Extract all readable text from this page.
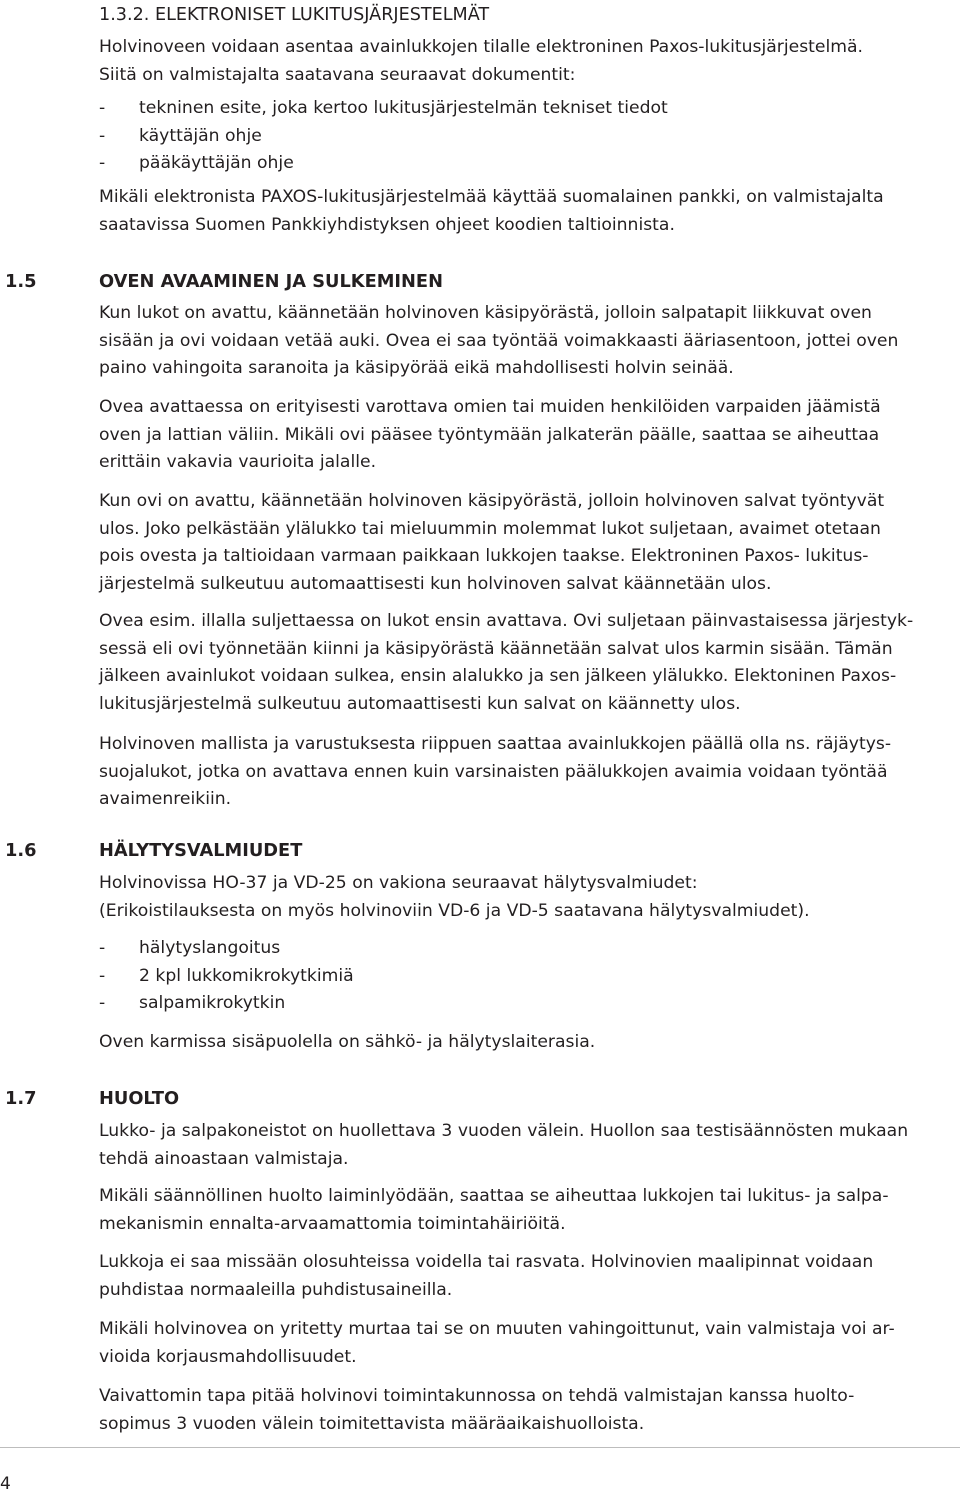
1.3.2. ELEKTRONISET LUKITUSJÄRJESTELMÄT

Holvinoveen voidaan asentaa avainlukkojen tilalle elektroninen Paxos-lukitusjärjestelmä.
Siitä on valmistajalta saatavana seuraavat dokumentit:

- tekninen esite, joka kertoo lukitusjärjestelmän tekniset tiedot
- käyttäjän ohje
- pääkäyttäjän ohje

Mikäli elektronista PAXOS-lukitusjärjestelmää käyttää suomalainen pankki, on valmistajalta
saatavissa Suomen Pankkiyhdistyksen ohjeet koodien taltioinnista.

1.5	OVEN AVAAMINEN JA SULKEMINEN

Kun lukot on avattu, käännetään holvinoven käsipyörästä, jolloin salpatapit liikkuvat oven
sisään ja ovi voidaan vetää auki. Ovea ei saa työntää voimakkaasti ääriasentoon, jottei oven
paino vahingoita saranoita ja käsipyörää eikä mahdollisesti holvin seinää.

Ovea avattaessa on erityisesti varottava omien tai muiden henkilöiden varpaiden jäämistä
oven ja lattian väliin. Mikäli ovi pääsee työntymään jalkaterän päälle, saattaa se aiheuttaa
erittäin vakavia vaurioita jalalle.

Kun ovi on avattu, käännetään holvinoven käsipyörästä, jolloin holvinoven salvat työntyvät
ulos. Joko pelkästään ylälukko tai mieluummin molemmat lukot suljetaan, avaimet otetaan
pois ovesta ja taltioidaan varmaan paikkaan lukkojen taakse. Elektroninen Paxos- lukitus-
järjestelmä sulkeutuu automaattisesti kun holvinoven salvat käännetään ulos.

Ovea esim. illalla suljettaessa on lukot ensin avattava. Ovi suljetaan päinvastaisessa järjestyk-
sessä eli ovi työnnetään kiinni ja käsipyörästä käännetään salvat ulos karmin sisään. Tämän
jälkeen avainlukot voidaan sulkea, ensin alalukko ja sen jälkeen ylälukko. Elektoninen Paxos-
lukitusjärjestelmä sulkeutuu automaattisesti kun salvat on käännetty ulos.

Holvinoven mallista ja varustuksesta riippuen saattaa avainlukkojen päällä olla ns. räjäytys-
suojalukot, jotka on avattava ennen kuin varsinaisten päälukkojen avaimia voidaan työntää
avaimenreikiin.

1.6	HÄLYTYSVALMIUDET

Holvinovissa HO-37 ja VD-25 on vakiona seuraavat hälytysvalmiudet:
(Erikoistilauksesta on myös holvinoviin VD-6 ja VD-5 saatavana hälytysvalmiudet).

- hälytyslangoitus
- 2 kpl lukkomikrokytkimiä
- salpamikrokytkin

Oven karmissa sisäpuolella on sähkö- ja hälytyslaiterasia.

1.7	HUOLTO

Lukko- ja salpakoneistot on huollettava 3 vuoden välein. Huollon saa testisäännösten mukaan
tehdä ainoastaan valmistaja.

Mikäli säännöllinen huolto laiminlyödään, saattaa se aiheuttaa lukkojen tai lukitus- ja salpa-
mekanismin ennalta-arvaamattomia toimintahäiriöitä.

Lukkoja ei saa missään olosuhteissa voidella tai rasvata. Holvinovien maalipinnat voidaan
puhdistaa normaaleilla puhdistusaineilla.

Mikäli holvinovea on yritetty murtaa tai se on muuten vahingoittunut, vain valmistaja voi ar-
vioida korjausmahdollisuudet.

Vaivattomin tapa pitää holvinovi toimintakunnossa on tehdä valmistajan kanssa huolto-
sopimus 3 vuoden välein toimitettavista määräaikaishuolloista.

4
